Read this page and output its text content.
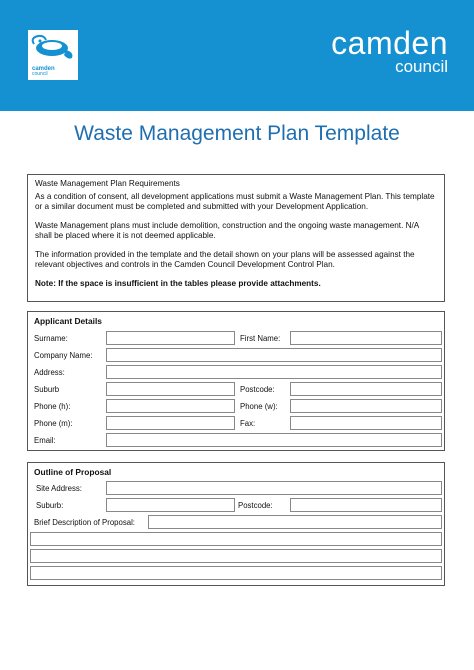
camden
council
camden
council
Waste Management Plan Template

Waste Management Plan Requirements

As a condition of consent, all development applications must submit a Waste Management Plan. This template or a similar document must be completed and submitted with your Development Application.

Waste Management plans must include demolition, construction and the ongoing waste management. N/A shall be placed where it is not deemed applicable.

The information provided in the template and the detail shown on your plans will be assessed against the relevant objectives and controls in the Camden Council Development Control Plan.

Note: If the space is insufficient in the tables please provide attachments.

Applicant Details
Surname:	First Name:
Company Name:
Address:
Suburb	Postcode:
Phone (h):	Phone (w):
Phone (m):	Fax:
Email:
Outline of Proposal
Site Address:
Suburb:	Postcode:
Brief Description of Proposal:
